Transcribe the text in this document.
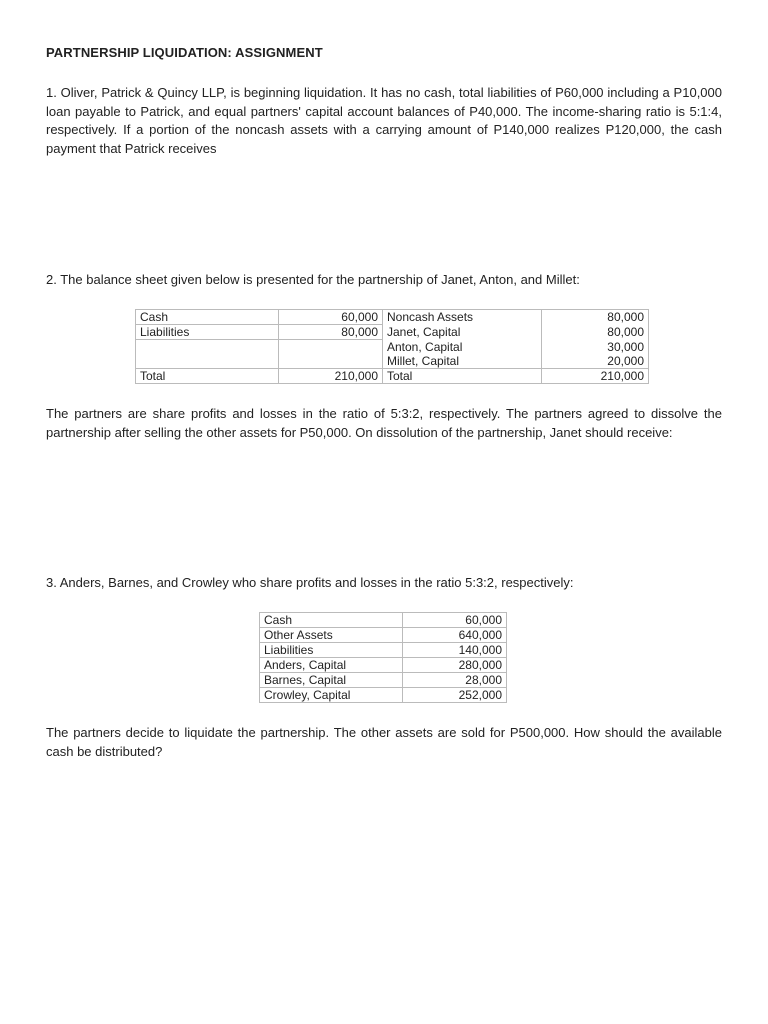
PARTNERSHIP LIQUIDATION: ASSIGNMENT

1. Oliver, Patrick & Quincy LLP, is beginning liquidation. It has no cash, total liabilities of P60,000 including a P10,000 loan payable to Patrick, and equal partners' capital account balances of P40,000. The income-sharing ratio is 5:1:4, respectively. If a portion of the noncash assets with a carrying amount of P140,000 realizes P120,000, the cash payment that Patrick receives

2. The balance sheet given below is presented for the partnership of Janet, Anton, and Millet:

Cash	60,000	Noncash Assets	80,000
Liabilities	80,000	Janet, Capital	80,000
		Anton, Capital	30,000
		Millet, Capital	20,000
Total	210,000	Total	210,000

The partners are share profits and losses in the ratio of 5:3:2, respectively. The partners agreed to dissolve the partnership after selling the other assets for P50,000. On dissolution of the partnership, Janet should receive:

3. Anders, Barnes, and Crowley who share profits and losses in the ratio 5:3:2, respectively:

Cash	60,000
Other Assets	640,000
Liabilities	140,000
Anders, Capital	280,000
Barnes, Capital	28,000
Crowley, Capital	252,000

The partners decide to liquidate the partnership. The other assets are sold for P500,000. How should the available cash be distributed?
